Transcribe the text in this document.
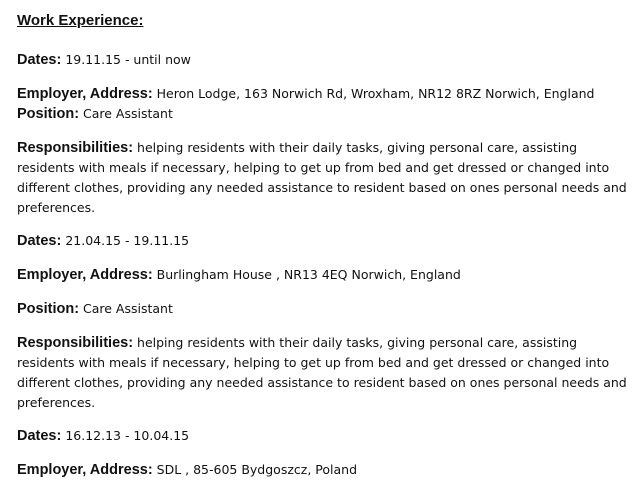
Work Experience:

Dates: 19.11.15 - until now

Employer, Address: Heron Lodge, 163 Norwich Rd, Wroxham, NR12 8RZ Norwich, England

Position: Care Assistant

Responsibilities: helping residents with their daily tasks, giving personal care, assisting residents with meals if necessary, helping to get up from bed and get dressed or changed into different clothes, providing any needed assistance to resident based on ones personal needs and preferences.

Dates: 21.04.15 - 19.11.15

Employer, Address: Burlingham House , NR13 4EQ Norwich, England

Position: Care Assistant

Responsibilities: helping residents with their daily tasks, giving personal care, assisting residents with meals if necessary, helping to get up from bed and get dressed or changed into different clothes, providing any needed assistance to resident based on ones personal needs and preferences.

Dates: 16.12.13 - 10.04.15

Employer, Address: SDL , 85-605 Bydgoszcz, Poland
